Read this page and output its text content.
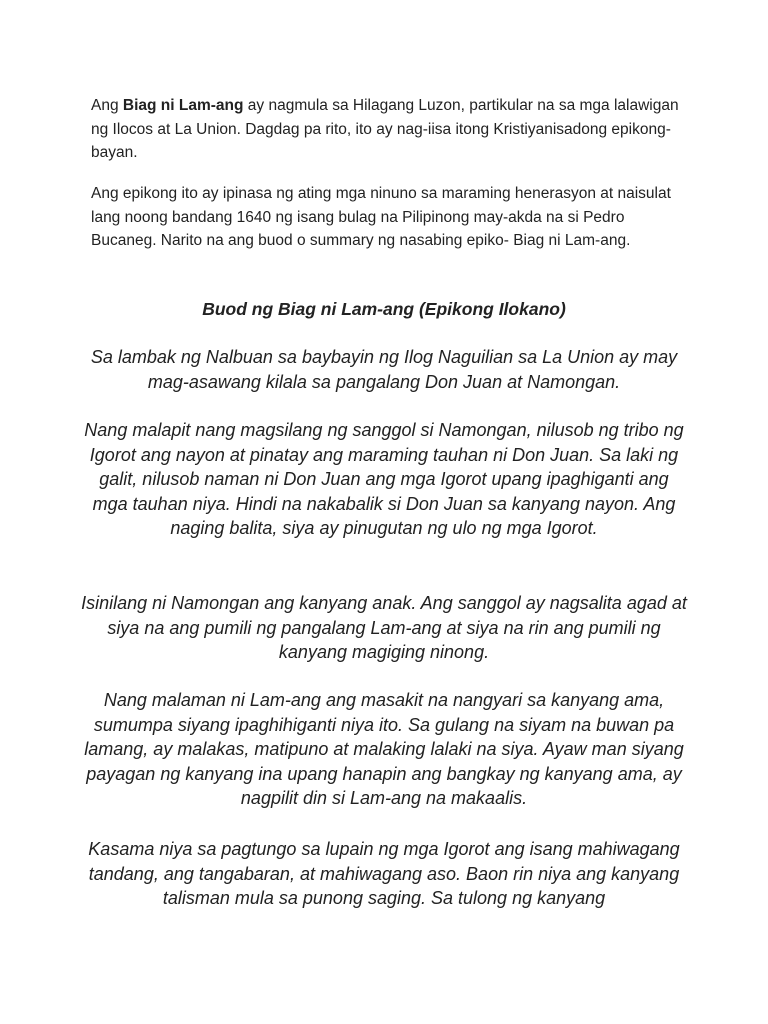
Ang Biag ni Lam-ang ay nagmula sa Hilagang Luzon, partikular na sa mga lalawigan ng Ilocos at La Union. Dagdag pa rito, ito ay nag-iisa itong Kristiyanisadong epikong-bayan.

Ang epikong ito ay ipinasa ng ating mga ninuno sa maraming henerasyon at naisulat lang noong bandang 1640 ng isang bulag na Pilipinong may-akda na si Pedro Bucaneg. Narito na ang buod o summary ng nasabing epiko- Biag ni Lam-ang.

Buod ng Biag ni Lam-ang (Epikong Ilokano)

Sa lambak ng Nalbuan sa baybayin ng Ilog Naguilian sa La Union ay may mag-asawang kilala sa pangalang Don Juan at Namongan.

Nang malapit nang magsilang ng sanggol si Namongan, nilusob ng tribo ng Igorot ang nayon at pinatay ang maraming tauhan ni Don Juan. Sa laki ng galit, nilusob naman ni Don Juan ang mga Igorot upang ipaghiganti ang mga tauhan niya. Hindi na nakabalik si Don Juan sa kanyang nayon. Ang naging balita, siya ay pinugutan ng ulo ng mga Igorot.

Isinilang ni Namongan ang kanyang anak. Ang sanggol ay nagsalita agad at siya na ang pumili ng pangalang Lam-ang at siya na rin ang pumili ng kanyang magiging ninong.

Nang malaman ni Lam-ang ang masakit na nangyari sa kanyang ama, sumumpa siyang ipaghihiganti niya ito. Sa gulang na siyam na buwan pa lamang, ay malakas, matipuno at malaking lalaki na siya. Ayaw man siyang payagan ng kanyang ina upang hanapin ang bangkay ng kanyang ama, ay nagpilit din si Lam-ang na makaalis.

Kasama niya sa pagtungo sa lupain ng mga Igorot ang isang mahiwagang tandang, ang tangabaran, at mahiwagang aso. Baon rin niya ang kanyang talisman mula sa punong saging. Sa tulong ng kanyang
